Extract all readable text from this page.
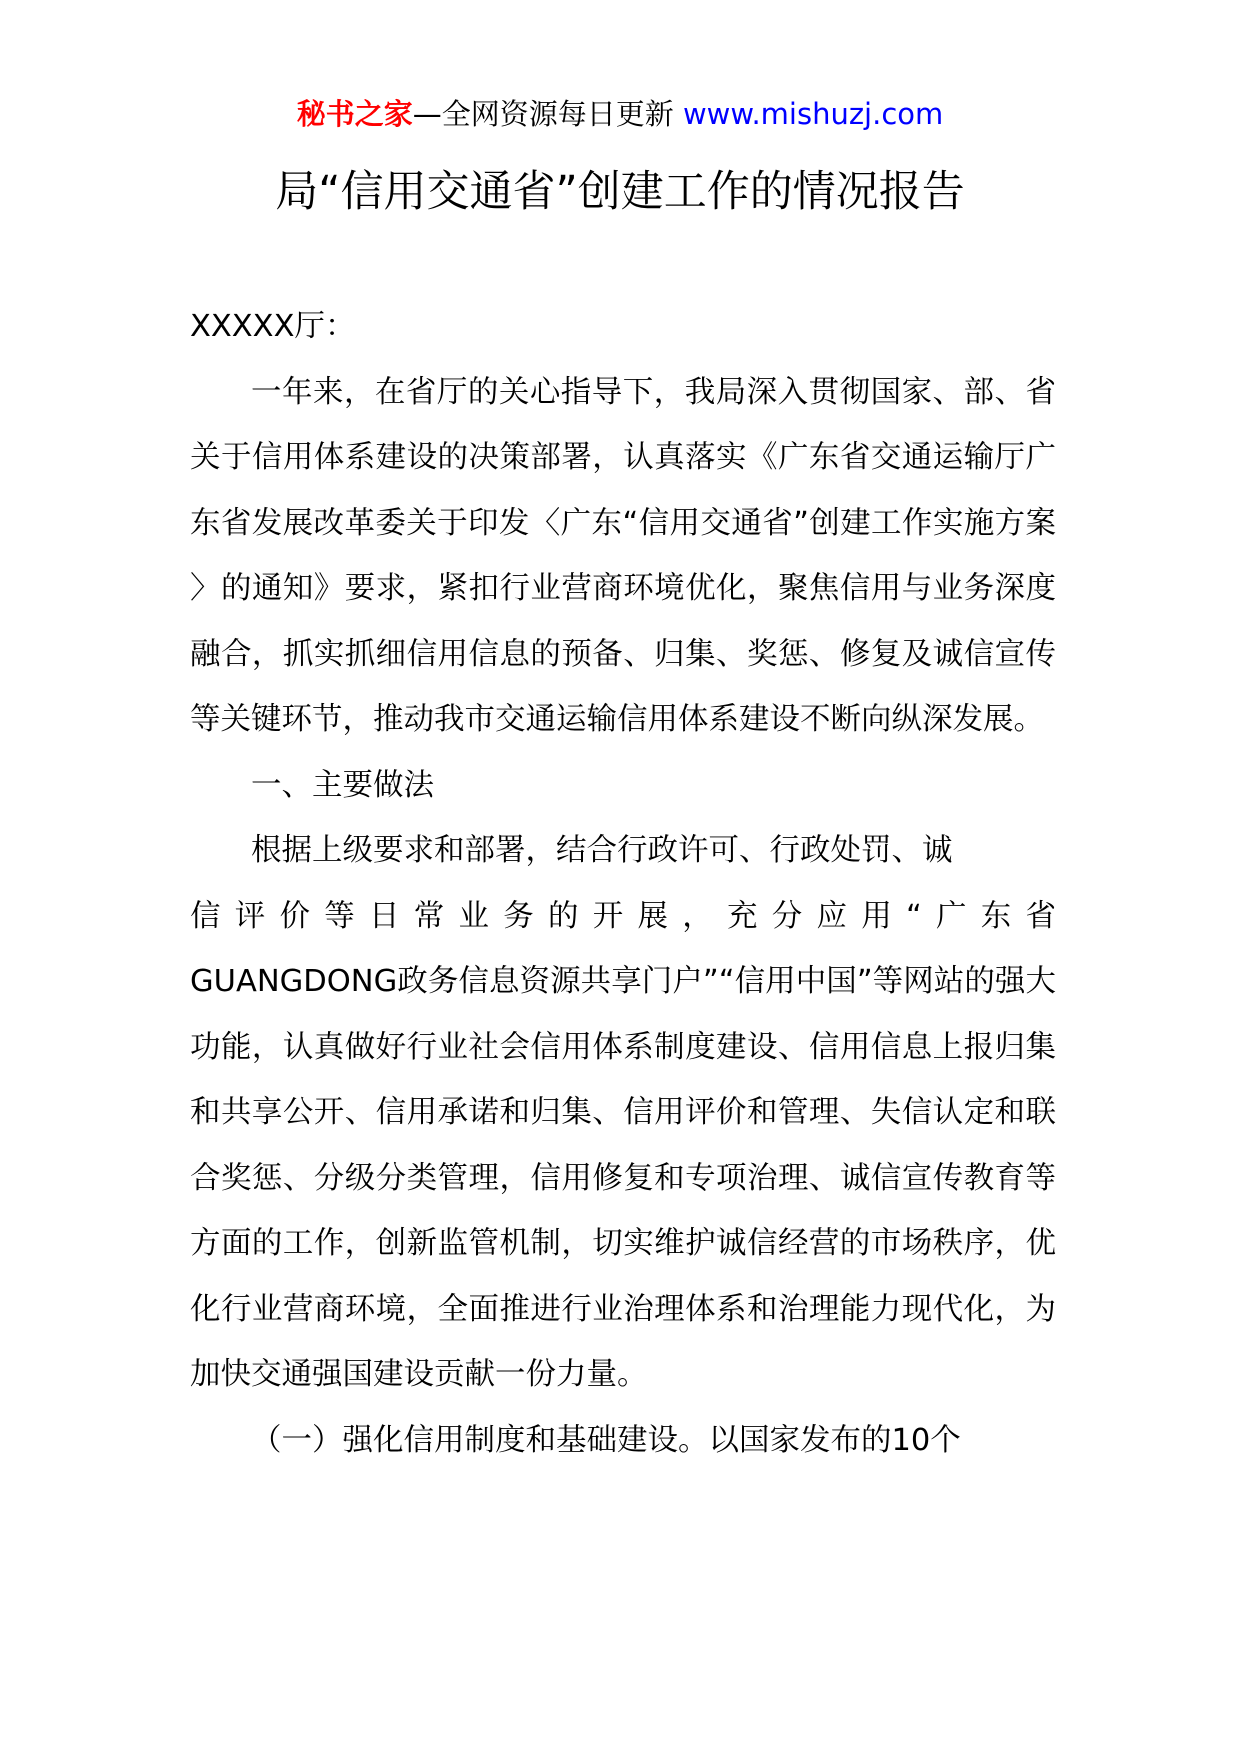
秘书之家—全网资源每日更新 www.mishuzj.com
局“信用交通省”创建工作的情况报告

XXXXX厅：

一年来，在省厅的关心指导下，我局深入贯彻国家、部、省关于信用体系建设的决策部署，认真落实《广东省交通运输厅广东省发展改革委关于印发〈广东“信用交通省”创建工作实施方案〉的通知》要求，紧扣行业营商环境优化，聚焦信用与业务深度融合，抓实抓细信用信息的预备、归集、奖惩、修复及诚信宣传等关键环节，推动我市交通运输信用体系建设不断向纵深发展。

一、主要做法

根据上级要求和部署，结合行政许可、行政处罚、诚

信评价等日常业务的开展，充分应用“广东省

GUANGDONG政务信息资源共享门户”“信用中国”等网站的强大功能，认真做好行业社会信用体系制度建设、信用信息上报归集和共享公开、信用承诺和归集、信用评价和管理、失信认定和联合奖惩、分级分类管理，信用修复和专项治理、诚信宣传教育等方面的工作，创新监管机制，切实维护诚信经营的市场秩序，优化行业营商环境，全面推进行业治理体系和治理能力现代化，为加快交通强国建设贡献一份力量。

（一）强化信用制度和基础建设。以国家发布的10个
